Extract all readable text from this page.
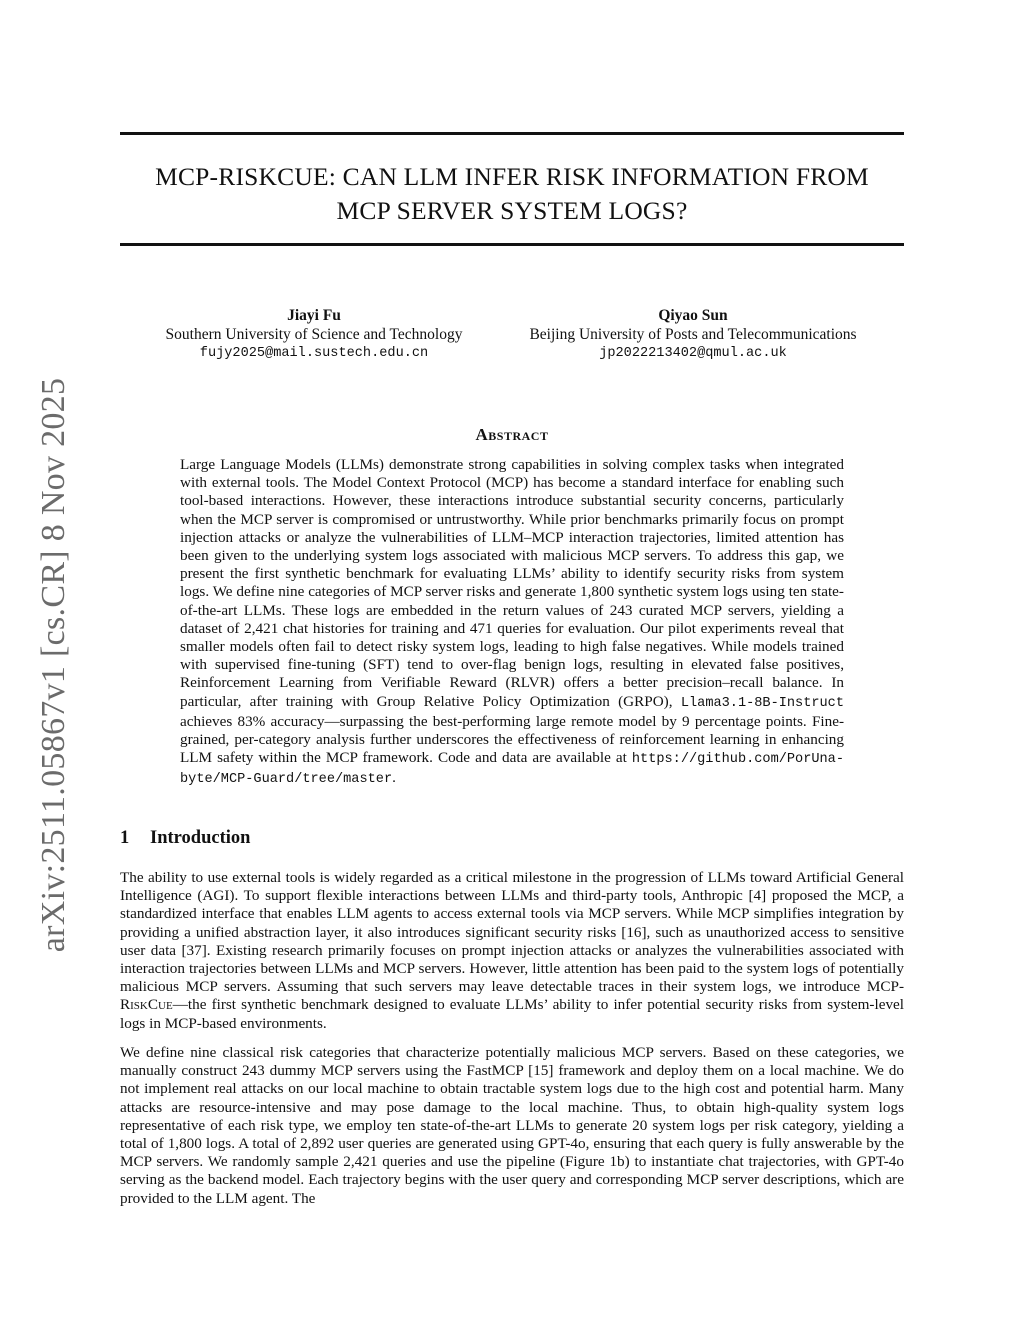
MCP-RISKCUE: CAN LLM INFER RISK INFORMATION FROM
MCP SERVER SYSTEM LOGS?
Jiayi Fu
Southern University of Science and Technology
fujy2025@mail.sustech.edu.cn
Qiyao Sun
Beijing University of Posts and Telecommunications
jp2022213402@qmul.ac.uk
arXiv:2511.05867v1 [cs.CR] 8 Nov 2025	Abstract
Large Language Models (LLMs) demonstrate strong capabilities in solving complex tasks when integrated with external tools. The Model Context Protocol (MCP) has become a standard interface for enabling such tool-based interactions. However, these interactions introduce substantial security concerns, particularly when the MCP server is compromised or untrustworthy. While prior benchmarks primarily focus on prompt injection attacks or analyze the vulnerabilities of LLM–MCP interaction trajectories, limited attention has been given to the underlying system logs associated with malicious MCP servers. To address this gap, we present the first synthetic benchmark for evaluating LLMs’ ability to identify security risks from system logs. We define nine categories of MCP server risks and generate 1,800 synthetic system logs using ten state-of-the-art LLMs. These logs are embedded in the return values of 243 curated MCP servers, yielding a dataset of 2,421 chat histories for training and 471 queries for evaluation. Our pilot experiments reveal that smaller models often fail to detect risky system logs, leading to high false negatives. While models trained with supervised fine-tuning (SFT) tend to over-flag benign logs, resulting in elevated false positives, Reinforcement Learning from Verifiable Reward (RLVR) offers a better precision–recall balance. In particular, after training with Group Relative Policy Optimization (GRPO), Llama3.1-8B-Instruct achieves 83% accuracy—surpassing the best-performing large remote model by 9 percentage points. Fine-grained, per-category analysis further underscores the effectiveness of reinforcement learning in enhancing LLM safety within the MCP framework. Code and data are available at https://github.com/PorUna-byte/MCP-Guard/tree/master.
1 Introduction

The ability to use external tools is widely regarded as a critical milestone in the progression of LLMs toward Artificial General Intelligence (AGI). To support flexible interactions between LLMs and third-party tools, Anthropic [4] proposed the MCP, a standardized interface that enables LLM agents to access external tools via MCP servers. While MCP simplifies integration by providing a unified abstraction layer, it also introduces significant security risks [16], such as unauthorized access to sensitive user data [37]. Existing research primarily focuses on prompt injection attacks or analyzes the vulnerabilities associated with interaction trajectories between LLMs and MCP servers. However, little attention has been paid to the system logs of potentially malicious MCP servers. Assuming that such servers may leave detectable traces in their system logs, we introduce MCP-RiskCue—the first synthetic benchmark designed to evaluate LLMs’ ability to infer potential security risks from system-level logs in MCP-based environments.

We define nine classical risk categories that characterize potentially malicious MCP servers. Based on these categories, we manually construct 243 dummy MCP servers using the FastMCP [15] framework and deploy them on a local machine. We do not implement real attacks on our local machine to obtain tractable system logs due to the high cost and potential harm. Many attacks are resource-intensive and may pose damage to the local machine. Thus, to obtain high-quality system logs representative of each risk type, we employ ten state-of-the-art LLMs to generate 20 system logs per risk category, yielding a total of 1,800 logs. A total of 2,892 user queries are generated using GPT-4o, ensuring that each query is fully answerable by the MCP servers. We randomly sample 2,421 queries and use the pipeline (Figure 1b) to instantiate chat trajectories, with GPT-4o serving as the backend model. Each trajectory begins with the user query and corresponding MCP server descriptions, which are provided to the LLM agent. The
